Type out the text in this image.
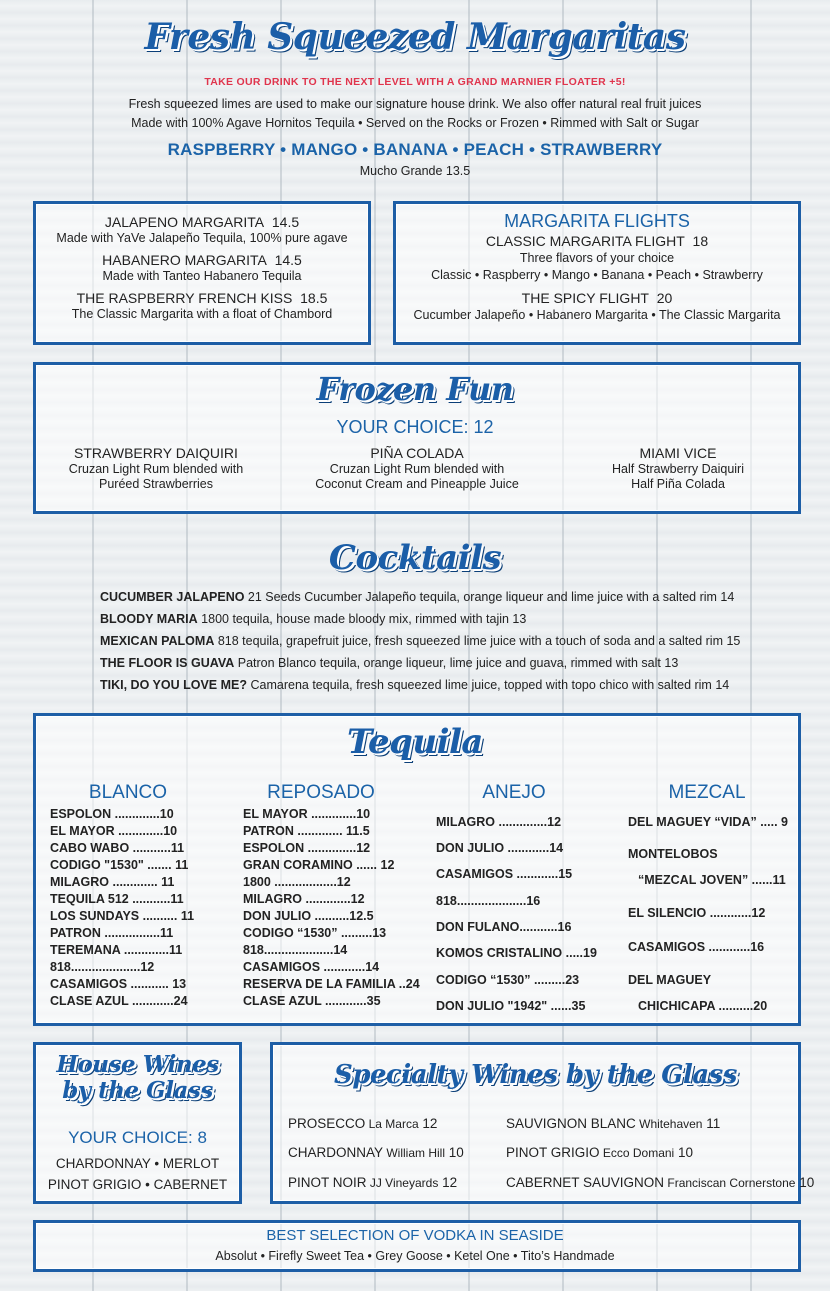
Fresh Squeezed Margaritas
TAKE OUR DRINK TO THE NEXT LEVEL WITH A GRAND MARNIER FLOATER +5!
Fresh squeezed limes are used to make our signature house drink. We also offer natural real fruit juices
Made with 100% Agave Hornitos Tequila • Served on the Rocks or Frozen • Rimmed with Salt or Sugar
RASPBERRY • MANGO • BANANA • PEACH • STRAWBERRY
Mucho Grande 13.5
JALAPENO MARGARITA 14.5
Made with YaVe Jalapeño Tequila, 100% pure agave
HABANERO MARGARITA 14.5
Made with Tanteo Habanero Tequila
THE RASPBERRY FRENCH KISS 18.5
The Classic Margarita with a float of Chambord
MARGARITA FLIGHTS
CLASSIC MARGARITA FLIGHT 18
Three flavors of your choice
Classic • Raspberry • Mango • Banana • Peach • Strawberry
THE SPICY FLIGHT 20
Cucumber Jalapeño • Habanero Margarita • The Classic Margarita
Frozen Fun
YOUR CHOICE: 12
STRAWBERRY DAIQUIRI
Cruzan Light Rum blended with
Puréed Strawberries
PIÑA COLADA
Cruzan Light Rum blended with
Coconut Cream and Pineapple Juice
MIAMI VICE
Half Strawberry Daiquiri
Half Piña Colada
Cocktails
CUCUMBER JALAPENO 21 Seeds Cucumber Jalapeño tequila, orange liqueur and lime juice with a salted rim 14
BLOODY MARIA 1800 tequila, house made bloody mix, rimmed with tajin 13
MEXICAN PALOMA 818 tequila, grapefruit juice, fresh squeezed lime juice with a touch of soda and a salted rim 15
THE FLOOR IS GUAVA Patron Blanco tequila, orange liqueur, lime juice and guava, rimmed with salt 13
TIKI, DO YOU LOVE ME? Camarena tequila, fresh squeezed lime juice, topped with topo chico with salted rim 14
Tequila
BLANCO
ESPOLON .............10
EL MAYOR .............10
CABO WABO ...........11
CODIGO "1530" ....... 11
MILAGRO ............. 11
TEQUILA 512 ...........11
LOS SUNDAYS .......... 11
PATRON ................11
TEREMANA .............11
818....................12
CASAMIGOS ........... 13
CLASE AZUL ............24
REPOSADO
EL MAYOR .............10
PATRON ............. 11.5
ESPOLON ..............12
GRAN CORAMINO ...... 12
1800 ..................12
MILAGRO .............12
DON JULIO ..........12.5
CODIGO “1530” .........13
818....................14
CASAMIGOS ............14
RESERVA DE LA FAMILIA ..24
CLASE AZUL ............35
ANEJO
MILAGRO ..............12
DON JULIO ............14
CASAMIGOS ............15
818....................16
DON FULANO...........16
KOMOS CRISTALINO .....19
CODIGO “1530” .........23
DON JULIO "1942" ......35
MEZCAL
DEL MAGUEY “VIDA” ..... 9
MONTELOBOS
“MEZCAL JOVEN” ......11
EL SILENCIO ............12
CASAMIGOS ............16
DEL MAGUEY
CHICHICAPA ..........20
House Wines
by the Glass
YOUR CHOICE: 8
CHARDONNAY • MERLOT
PINOT GRIGIO • CABERNET
Specialty Wines by the Glass
PROSECCO La Marca 12
CHARDONNAY William Hill 10
PINOT NOIR JJ Vineyards 12
SAUVIGNON BLANC Whitehaven 11
PINOT GRIGIO Ecco Domani 10
CABERNET SAUVIGNON Franciscan Cornerstone 10
BEST SELECTION OF VODKA IN SEASIDE
Absolut • Firefly Sweet Tea • Grey Goose • Ketel One • Tito’s Handmade
